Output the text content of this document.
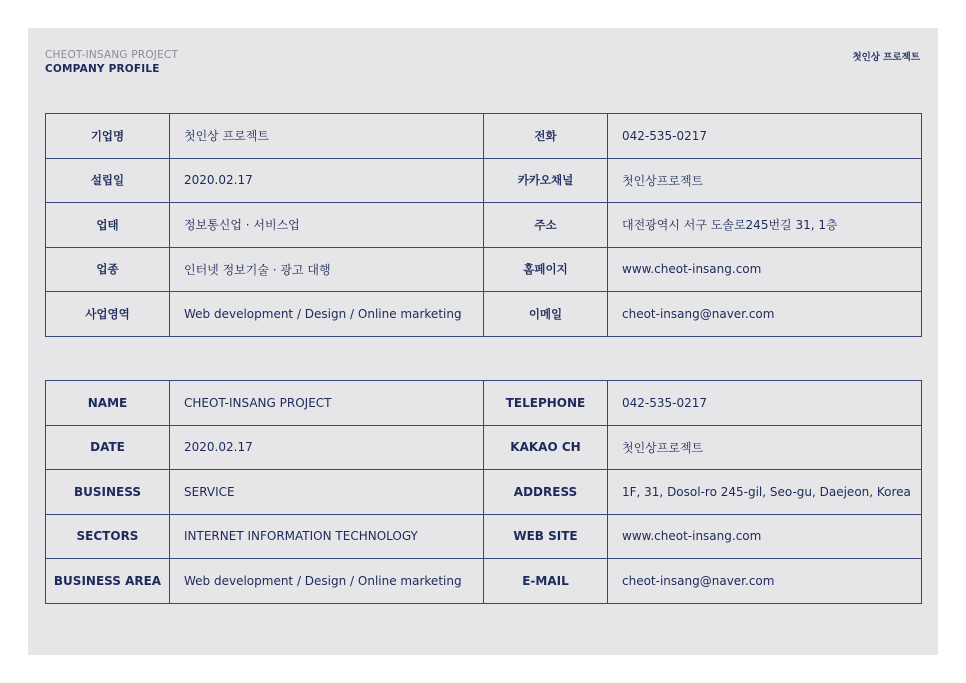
CHEOT-INSANG PROJECT
COMPANY PROFILE
첫인상 프로젝트
기업명	첫인상 프로젝트	전화	042-535-0217
설립일	2020.02.17	카카오채널	첫인상프로젝트
업태	정보통신업 · 서비스업	주소	대전광역시 서구 도솔로245번길 31, 1층
업종	인터넷 정보기술 · 광고 대행	홈페이지	www.cheot-insang.com
사업영역	Web development / Design / Online marketing	이메일	cheot-insang@naver.com
NAME	CHEOT-INSANG PROJECT	TELEPHONE	042-535-0217
DATE	2020.02.17	KAKAO CH	첫인상프로젝트
BUSINESS	SERVICE	ADDRESS	1F, 31, Dosol-ro 245-gil, Seo-gu, Daejeon, Korea
SECTORS	INTERNET INFORMATION TECHNOLOGY	WEB SITE	www.cheot-insang.com
BUSINESS AREA	Web development / Design / Online marketing	E-MAIL	cheot-insang@naver.com
